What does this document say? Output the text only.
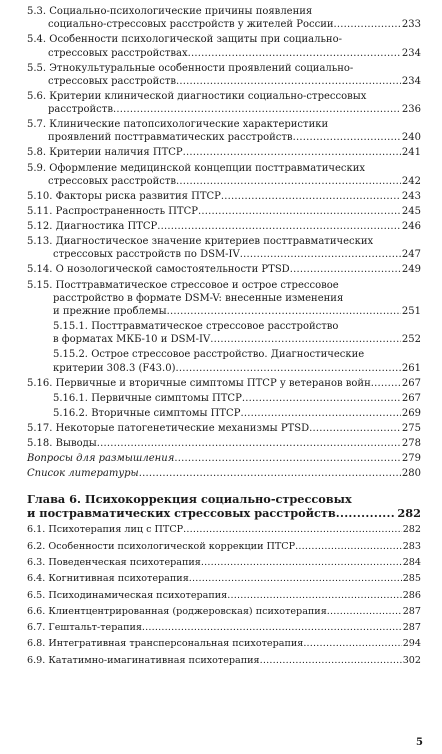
5.3.
Социально-психологические причины появления
социально-стрессовых расстройств у жителей России .....	233
5.4.
Особенности психологической защиты при социально-
стрессовых расстройствах .....	234
5.5.
Этнокультуральные особенности проявлений социально-
стрессовых расстройств .....	234
5.6.
Критерии клинической диагностики социально-стрессовых
расстройств .....	236
5.7.
Клинические патопсихологические характеристики
проявлений посттравматических расстройств .....	240
5.8.
Критерии наличия ПТСР .....	241
5.9.
Оформление медицинской концепции посттравматических
стрессовых расстройств .....	242
5.10.
Факторы риска развития ПТСР .....	243
5.11.
Распространенность ПТСР .....	245
5.12.
Диагностика ПТСР .....	246
5.13.
Диагностическое значение критериев посттравматических
стрессовых расстройств по DSM-IV .....	247
5.14.
О нозологической самостоятельности PTSD .....	249
5.15.
Посттравматическое стрессовое и острое стрессовое
расстройство в формате DSM-V: внесенные изменения
и прежние проблемы .....	251
5.15.1.
Посттравматическое стрессовое расстройство
в форматах МКБ-10 и DSM-IV .....	252
5.15.2.
Острое стрессовое расстройство. Диагностические
критерии 308.3 (F43.0) .....	261
5.16.
Первичные и вторичные симптомы ПТСР у ветеранов войн .....	267
5.16.1.
Первичные симптомы ПТСР .....	267
5.16.2.
Вторичные симптомы ПТСР .....	269
5.17.
Некоторые патогенетические механизмы PTSD .....	275
5.18.
Выводы .....	278
Вопросы для размышления .....	279
Список литературы .....	280
Глава 6. Психокоррекция социально-стрессовых
и постравматических стрессовых расстройств .....	282
6.1.
Психотерапия лиц с ПТСР .....	282
6.2.
Особенности психологической коррекции ПТСР .....	283
6.3.
Поведенческая психотерапия .....	284
6.4.
Когнитивная психотерапия .....	285
6.5.
Психодинамическая психотерапия .....	286
6.6.
Клиентцентрированная (роджеровская) психотерапия .....	287
6.7.
Гештальт-терапия .....	287
6.8.
Интегративная трансперсональная психотерапия .....	294
6.9.
Кататимно-имагинативная психотерапия .....	302
5
